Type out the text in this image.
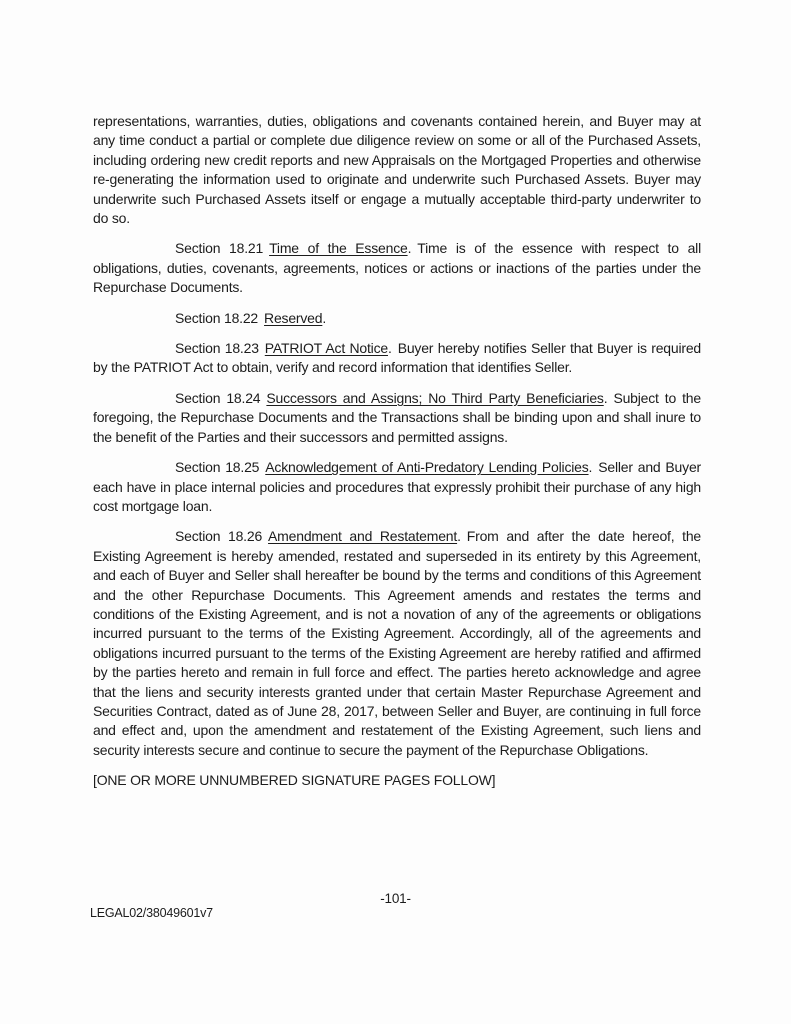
representations, warranties, duties, obligations and covenants contained herein, and Buyer may at any time conduct a partial or complete due diligence review on some or all of the Purchased Assets, including ordering new credit reports and new Appraisals on the Mortgaged Properties and otherwise re-generating the information used to originate and underwrite such Purchased Assets. Buyer may underwrite such Purchased Assets itself or engage a mutually acceptable third-party underwriter to do so.

Section 18.21 Time of the Essence. Time is of the essence with respect to all obligations, duties, covenants, agreements, notices or actions or inactions of the parties under the Repurchase Documents.

Section 18.22 Reserved.

Section 18.23 PATRIOT Act Notice. Buyer hereby notifies Seller that Buyer is required by the PATRIOT Act to obtain, verify and record information that identifies Seller.

Section 18.24 Successors and Assigns; No Third Party Beneficiaries. Subject to the foregoing, the Repurchase Documents and the Transactions shall be binding upon and shall inure to the benefit of the Parties and their successors and permitted assigns.

Section 18.25 Acknowledgement of Anti-Predatory Lending Policies. Seller and Buyer each have in place internal policies and procedures that expressly prohibit their purchase of any high cost mortgage loan.

Section 18.26 Amendment and Restatement. From and after the date hereof, the Existing Agreement is hereby amended, restated and superseded in its entirety by this Agreement, and each of Buyer and Seller shall hereafter be bound by the terms and conditions of this Agreement and the other Repurchase Documents. This Agreement amends and restates the terms and conditions of the Existing Agreement, and is not a novation of any of the agreements or obligations incurred pursuant to the terms of the Existing Agreement. Accordingly, all of the agreements and obligations incurred pursuant to the terms of the Existing Agreement are hereby ratified and affirmed by the parties hereto and remain in full force and effect. The parties hereto acknowledge and agree that the liens and security interests granted under that certain Master Repurchase Agreement and Securities Contract, dated as of June 28, 2017, between Seller and Buyer, are continuing in full force and effect and, upon the amendment and restatement of the Existing Agreement, such liens and security interests secure and continue to secure the payment of the Repurchase Obligations.

[ONE OR MORE UNNUMBERED SIGNATURE PAGES FOLLOW]

-101-
LEGAL02/38049601v7
